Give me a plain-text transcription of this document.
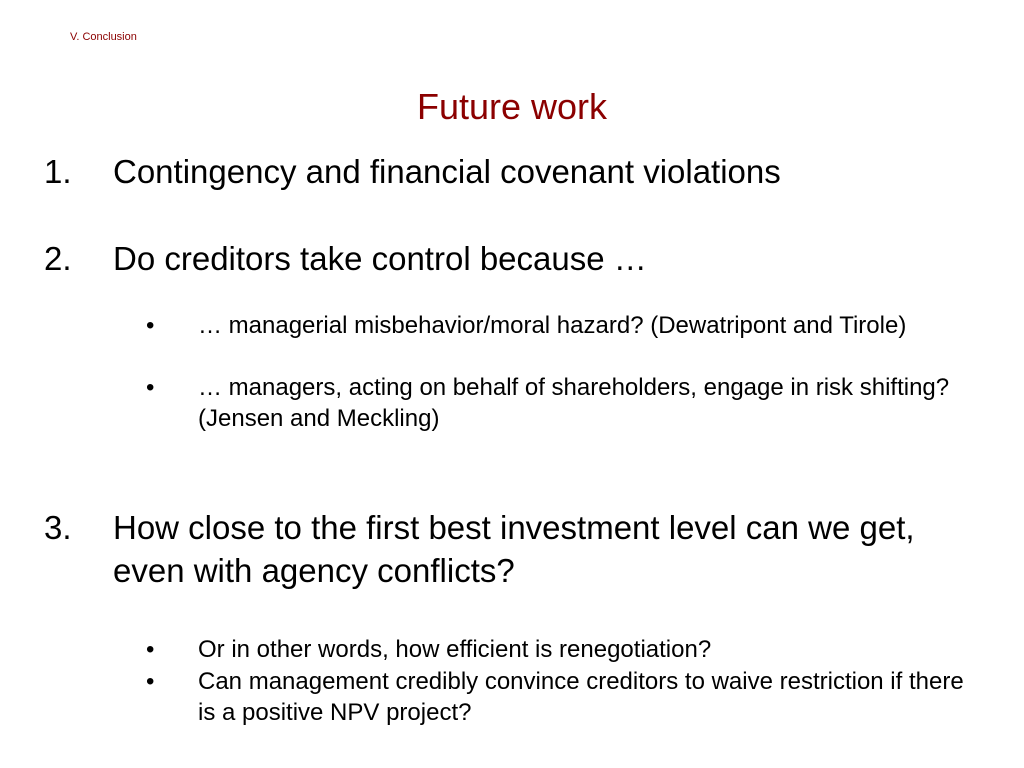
V. Conclusion
Future work
1. Contingency and financial covenant violations
2. Do creditors take control because …
• … managerial misbehavior/moral hazard? (Dewatripont and Tirole)
• … managers, acting on behalf of shareholders, engage in risk shifting? (Jensen and Meckling)
3. How close to the first best investment level can we get, even with agency conflicts?
• Or in other words, how efficient is renegotiation?
• Can management credibly convince creditors to waive restriction if there is a positive NPV project?
